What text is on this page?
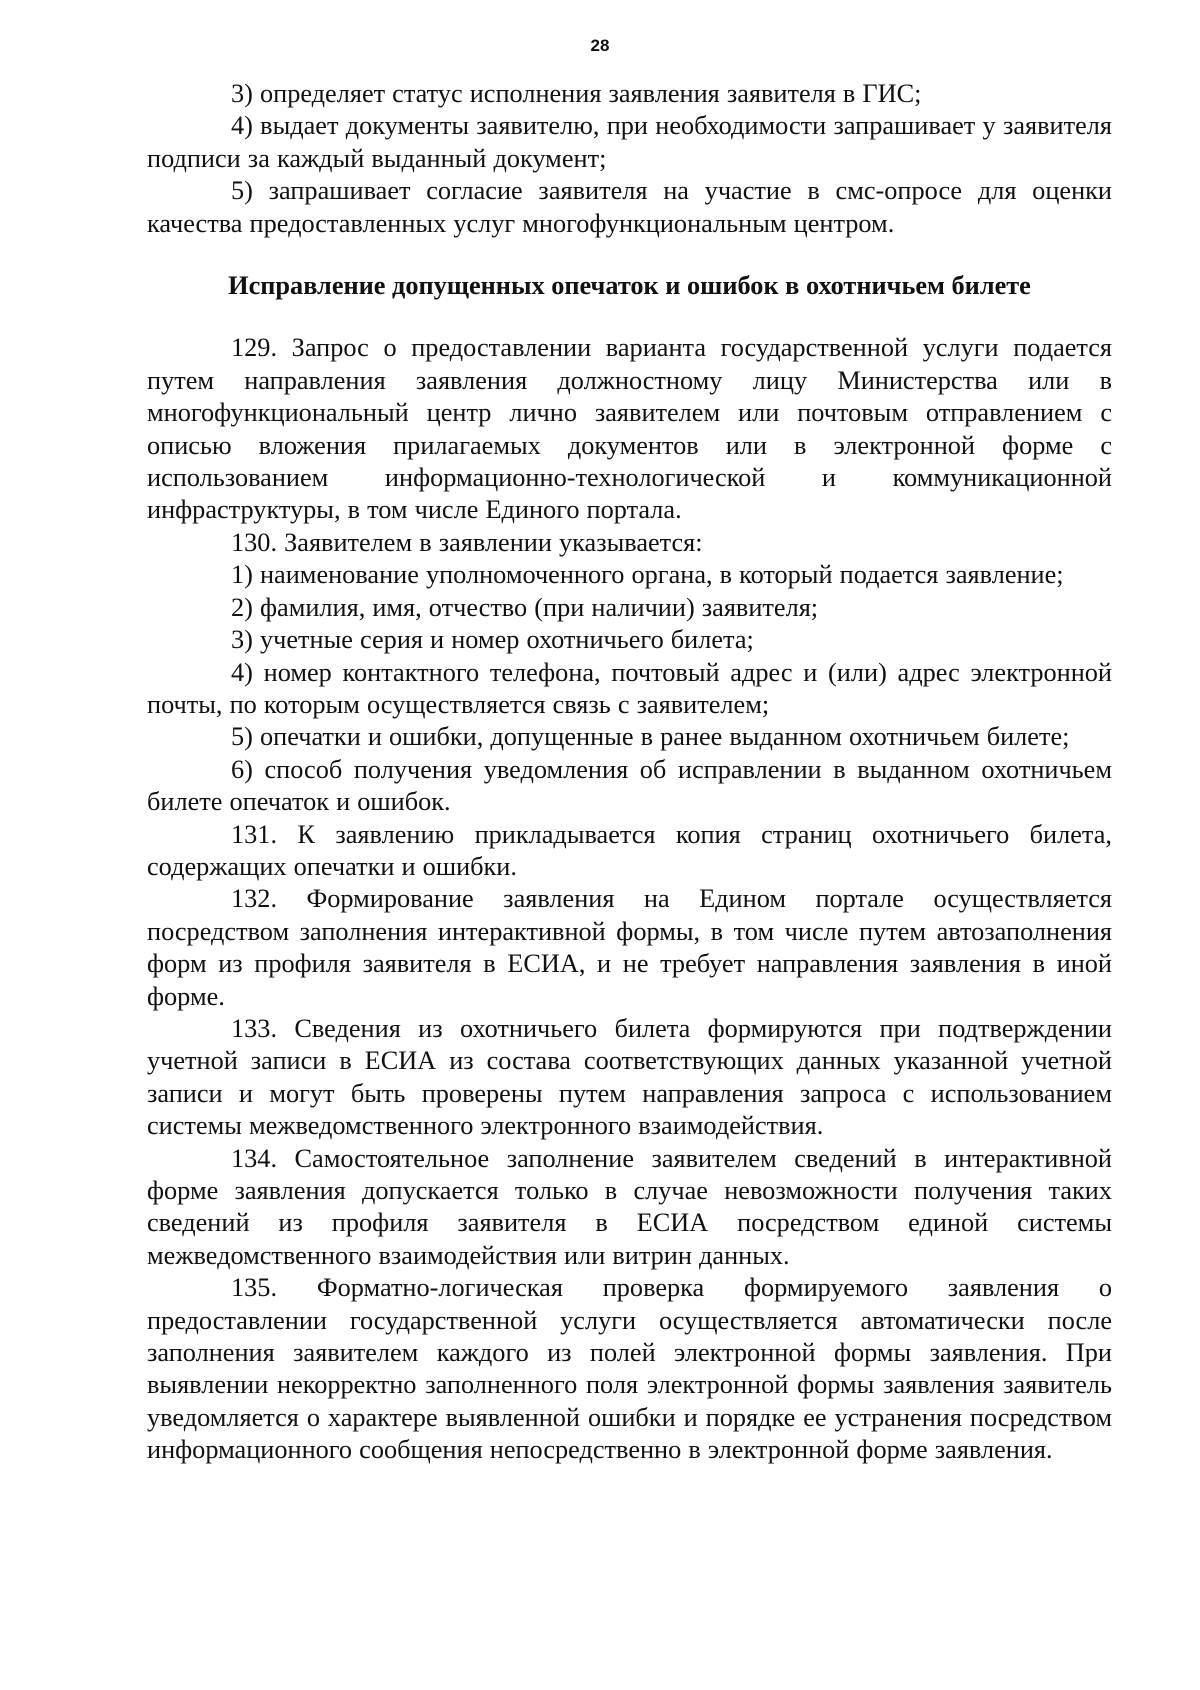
28

3) определяет статус исполнения заявления заявителя в ГИС;

4) выдает документы заявителю, при необходимости запрашивает у заявителя подписи за каждый выданный документ;

5) запрашивает согласие заявителя на участие в смс-опросе для оценки качества предоставленных услуг многофункциональным центром.

Исправление допущенных опечаток и ошибок в охотничьем билете

129. Запрос о предоставлении варианта государственной услуги подается путем направления заявления должностному лицу Министерства или в многофункциональный центр лично заявителем или почтовым отправлением с описью вложения прилагаемых документов или в электронной форме с использованием информационно-технологической и коммуникационной инфраструктуры, в том числе Единого портала.

130. Заявителем в заявлении указывается:

1) наименование уполномоченного органа, в который подается заявление;

2) фамилия, имя, отчество (при наличии) заявителя;

3) учетные серия и номер охотничьего билета;

4) номер контактного телефона, почтовый адрес и (или) адрес электронной почты, по которым осуществляется связь с заявителем;

5) опечатки и ошибки, допущенные в ранее выданном охотничьем билете;

6) способ получения уведомления об исправлении в выданном охотничьем билете опечаток и ошибок.

131. К заявлению прикладывается копия страниц охотничьего билета, содержащих опечатки и ошибки.

132. Формирование заявления на Едином портале осуществляется посредством заполнения интерактивной формы, в том числе путем автозаполнения форм из профиля заявителя в ЕСИА, и не требует направления заявления в иной форме.

133. Сведения из охотничьего билета формируются при подтверждении учетной записи в ЕСИА из состава соответствующих данных указанной учетной записи и могут быть проверены путем направления запроса с использованием системы межведомственного электронного взаимодействия.

134. Самостоятельное заполнение заявителем сведений в интерактивной форме заявления допускается только в случае невозможности получения таких сведений из профиля заявителя в ЕСИА посредством единой системы межведомственного взаимодействия или витрин данных.

135. Форматно-логическая проверка формируемого заявления о предоставлении государственной услуги осуществляется автоматически после заполнения заявителем каждого из полей электронной формы заявления. При выявлении некорректно заполненного поля электронной формы заявления заявитель уведомляется о характере выявленной ошибки и порядке ее устранения посредством информационного сообщения непосредственно в электронной форме заявления.
